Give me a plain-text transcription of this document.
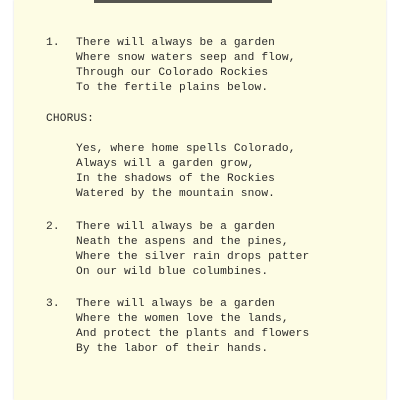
1. There will always be a garden
Where snow waters seep and flow,
Through our Colorado Rockies
To the fertile plains below.
CHORUS:
Yes, where home spells Colorado,
Always will a garden grow,
In the shadows of the Rockies
Watered by the mountain snow.
2. There will always be a garden
Neath the aspens and the pines,
Where the silver rain drops patter
On our wild blue columbines.
3. There will always be a garden
Where the women love the lands,
And protect the plants and flowers
By the labor of their hands.
